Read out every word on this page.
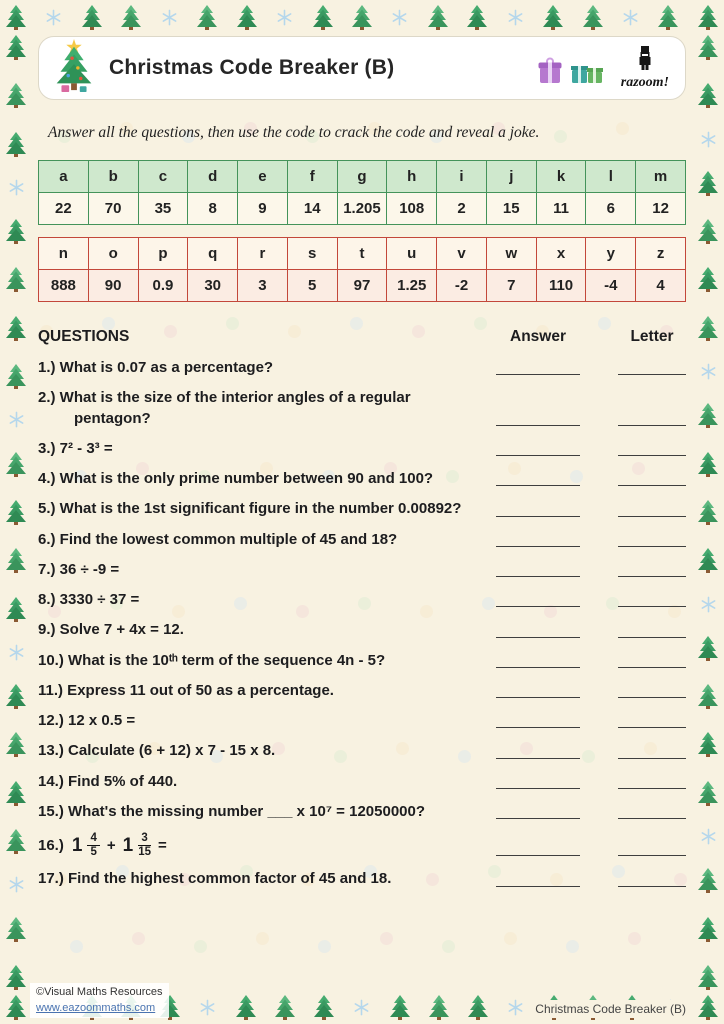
Christmas Code Breaker (B)
razoom!

Answer all the questions, then use the code to crack the code and reveal a joke.

a	b	c	d	e	f	g	h	i	j	k	l	m
22	70	35	8	9	14	1.205	108	2	15	11	6	12
n	o	p	q	r	s	t	u	v	w	x	y	z
888	90	0.9	30	3	5	97	1.25	-2	7	110	-4	4
QUESTIONS	Answer	Letter
1.) What is 0.07 as a percentage?
2.) What is the size of the interior angles of a regular pentagon?
3.) 7² - 3³ =
4.) What is the only prime number between 90 and 100?
5.) What is the 1st significant figure in the number 0.00892?
6.) Find the lowest common multiple of 45 and 18?
7.) 36 ÷ -9 =
8.) 3330 ÷ 37 =
9.) Solve 7 + 4x = 12.
10.) What is the 10ᵗʰ term of the sequence 4n - 5?
11.) Express 11 out of 50 as a percentage.
12.) 12 x 0.5 =
13.) Calculate (6 + 12) x 7 - 15 x 8.
14.) Find 5% of 440.
15.) What's the missing number ___ x 10⁷ = 12050000?
16.) $1 \frac{4}{5} + 1 \frac{3}{15}$ =
17.) Find the highest common factor of 45 and 18.
©Visual Maths Resources
www.eazoommaths.com	Christmas Code Breaker (B)
